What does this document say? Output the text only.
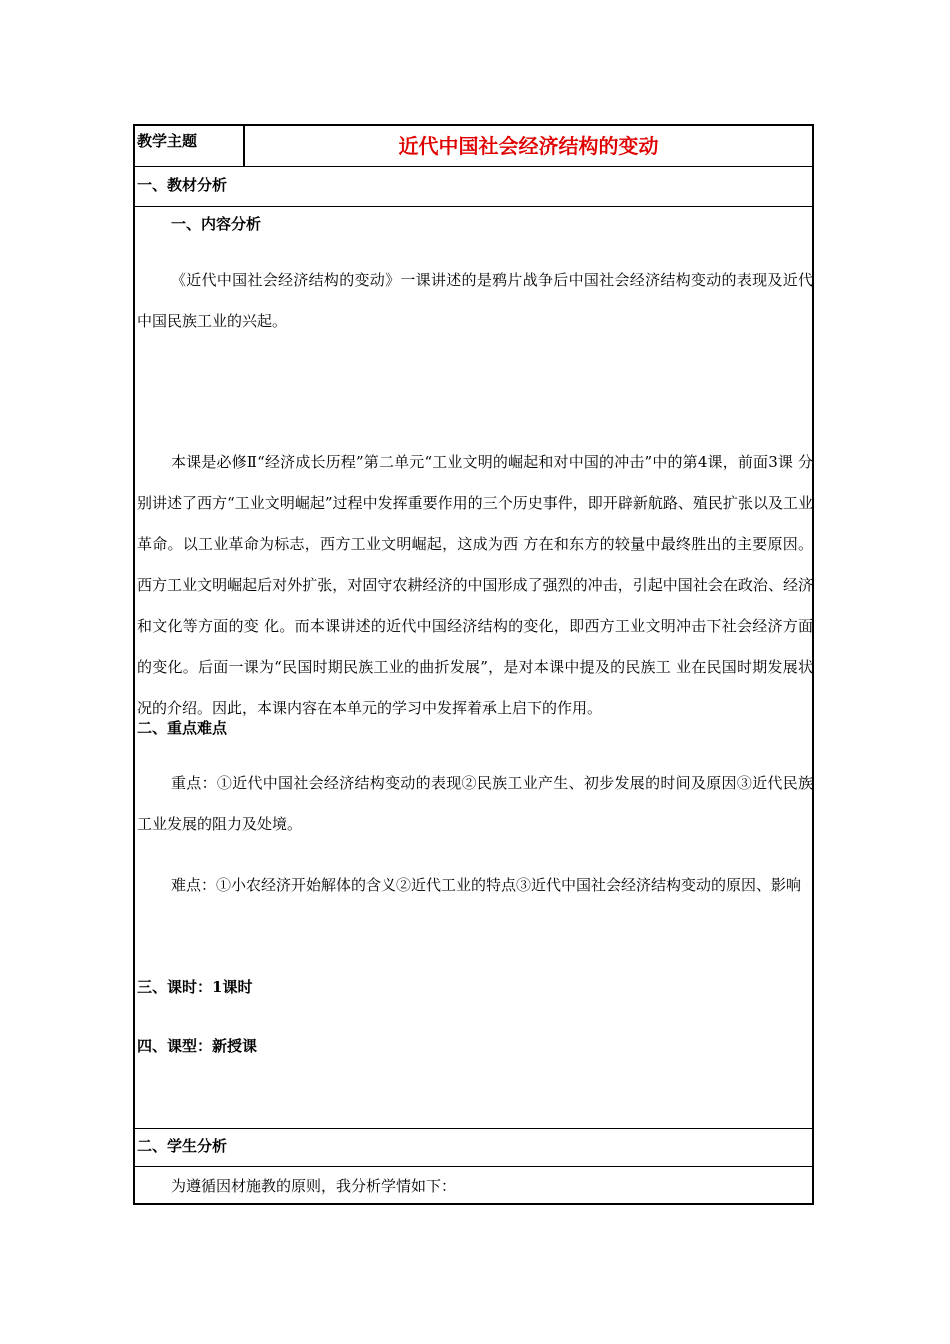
教学主题	近代中国社会经济结构的变动
一、教材分析
一、内容分析

《近代中国社会经济结构的变动》一课讲述的是鸦片战争后中国社会经济结构变动的表现及近代中国民族工业的兴起。

本课是必修Ⅱ“经济成长历程”第二单元“工业文明的崛起和对中国的冲击”中的第4课，前面3课 分别讲述了西方“工业文明崛起”过程中发挥重要作用的三个历史事件，即开辟新航路、殖民扩张以及工业革命。以工业革命为标志，西方工业文明崛起，这成为西 方在和东方的较量中最终胜出的主要原因。西方工业文明崛起后对外扩张，对固守农耕经济的中国形成了强烈的冲击，引起中国社会在政治、经济和文化等方面的变 化。而本课讲述的近代中国经济结构的变化，即西方工业文明冲击下社会经济方面的变化。后面一课为“民国时期民族工业的曲折发展”，是对本课中提及的民族工 业在民国时期发展状况的介绍。因此，本课内容在本单元的学习中发挥着承上启下的作用。

二、重点难点

重点：①近代中国社会经济结构变动的表现②民族工业产生、初步发展的时间及原因③近代民族工业发展的阻力及处境。

难点：①小农经济开始解体的含义②近代工业的特点③近代中国社会经济结构变动的原因、影响

三、课时：1课时
四、课型：新授课
二、学生分析
为遵循因材施教的原则，我分析学情如下：
